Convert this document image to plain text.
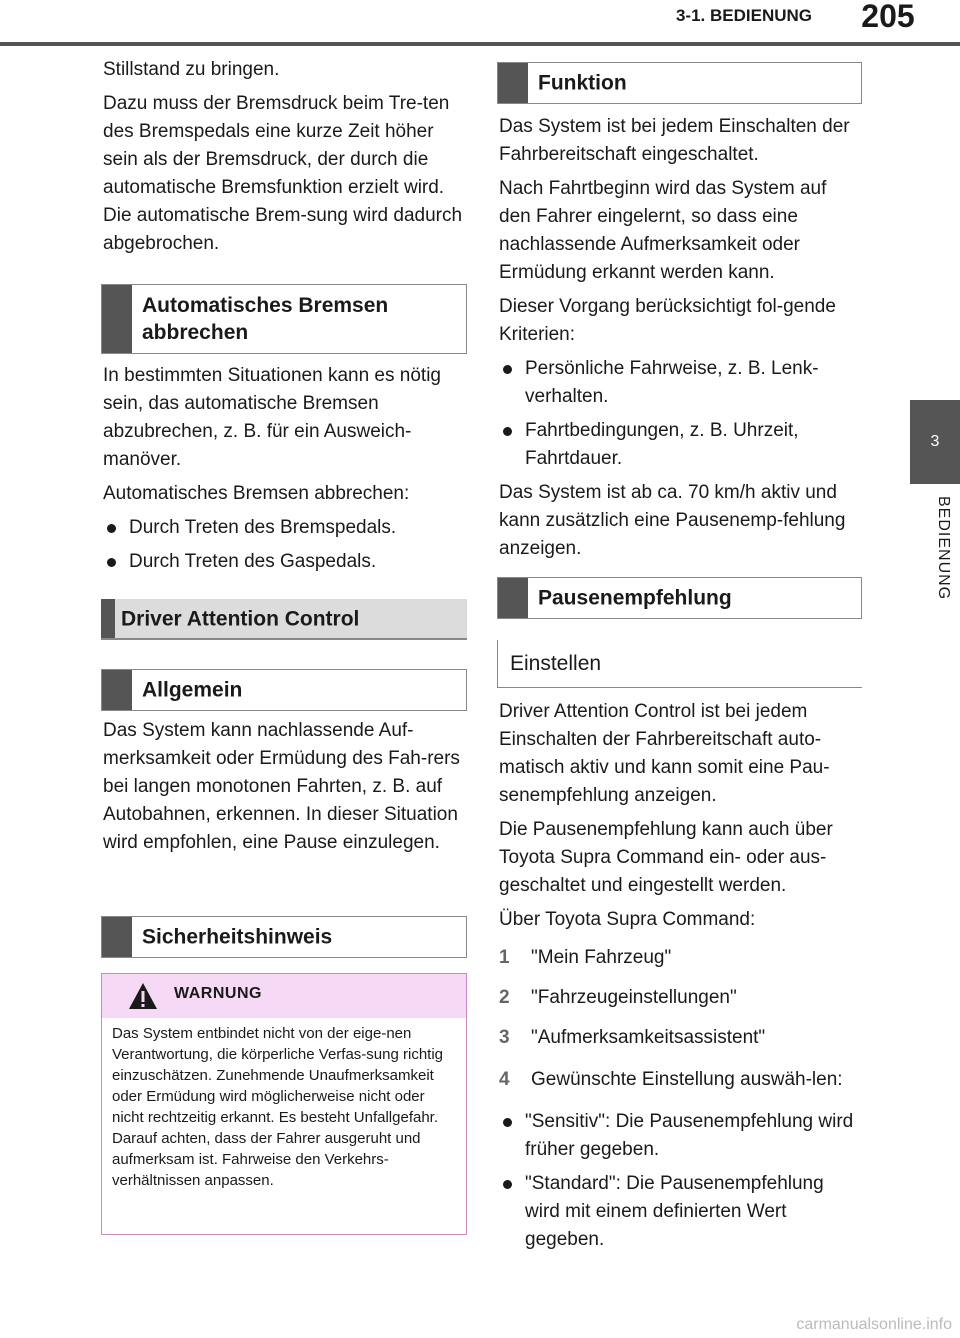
3-1. BEDIENUNG	205
3
BEDIENUNG

Stillstand zu bringen.

Dazu muss der Bremsdruck beim Tre-ten des Bremspedals eine kurze Zeit höher sein als der Bremsdruck, der durch die automatische Bremsfunktion erzielt wird. Die automatische Brem-sung wird dadurch abgebrochen.

Automatisches Bremsen abbrechen

In bestimmten Situationen kann es nötig sein, das automatische Bremsen abzubrechen, z. B. für ein Ausweich-manöver.

Automatisches Bremsen abbrechen:

Durch Treten des Bremspedals.
Durch Treten des Gaspedals.
Driver Attention Control
Allgemein

Das System kann nachlassende Auf-merksamkeit oder Ermüdung des Fah-rers bei langen monotonen Fahrten, z. B. auf Autobahnen, erkennen. In dieser Situation wird empfohlen, eine Pause einzulegen.

Sicherheitshinweis
WARNUNG
Das System entbindet nicht von der eige-nen Verantwortung, die körperliche Verfas-sung richtig einzuschätzen. Zunehmende Unaufmerksamkeit oder Ermüdung wird möglicherweise nicht oder nicht rechtzeitig erkannt. Es besteht Unfallgefahr. Darauf achten, dass der Fahrer ausgeruht und aufmerksam ist. Fahrweise den Verkehrs-verhältnissen anpassen.
Funktion

Das System ist bei jedem Einschalten der Fahrbereitschaft eingeschaltet.

Nach Fahrtbeginn wird das System auf den Fahrer eingelernt, so dass eine nachlassende Aufmerksamkeit oder Ermüdung erkannt werden kann.

Dieser Vorgang berücksichtigt fol-gende Kriterien:

Persönliche Fahrweise, z. B. Lenk-verhalten.
Fahrtbedingungen, z. B. Uhrzeit, Fahrtdauer.

Das System ist ab ca. 70 km/h aktiv und kann zusätzlich eine Pausenemp-fehlung anzeigen.

Pausenempfehlung
Einstellen

Driver Attention Control ist bei jedem Einschalten der Fahrbereitschaft auto-matisch aktiv und kann somit eine Pau-senempfehlung anzeigen.

Die Pausenempfehlung kann auch über Toyota Supra Command ein- oder aus-geschaltet und eingestellt werden.

Über Toyota Supra Command:

1 "Mein Fahrzeug"
2 "Fahrzeugeinstellungen"
3 "Aufmerksamkeitsassistent"
4 Gewünschte Einstellung auswäh-len:
"Sensitiv": Die Pausenempfehlung wird früher gegeben.
"Standard": Die Pausenempfehlung wird mit einem definierten Wert gegeben.
carmanualsonline.info
